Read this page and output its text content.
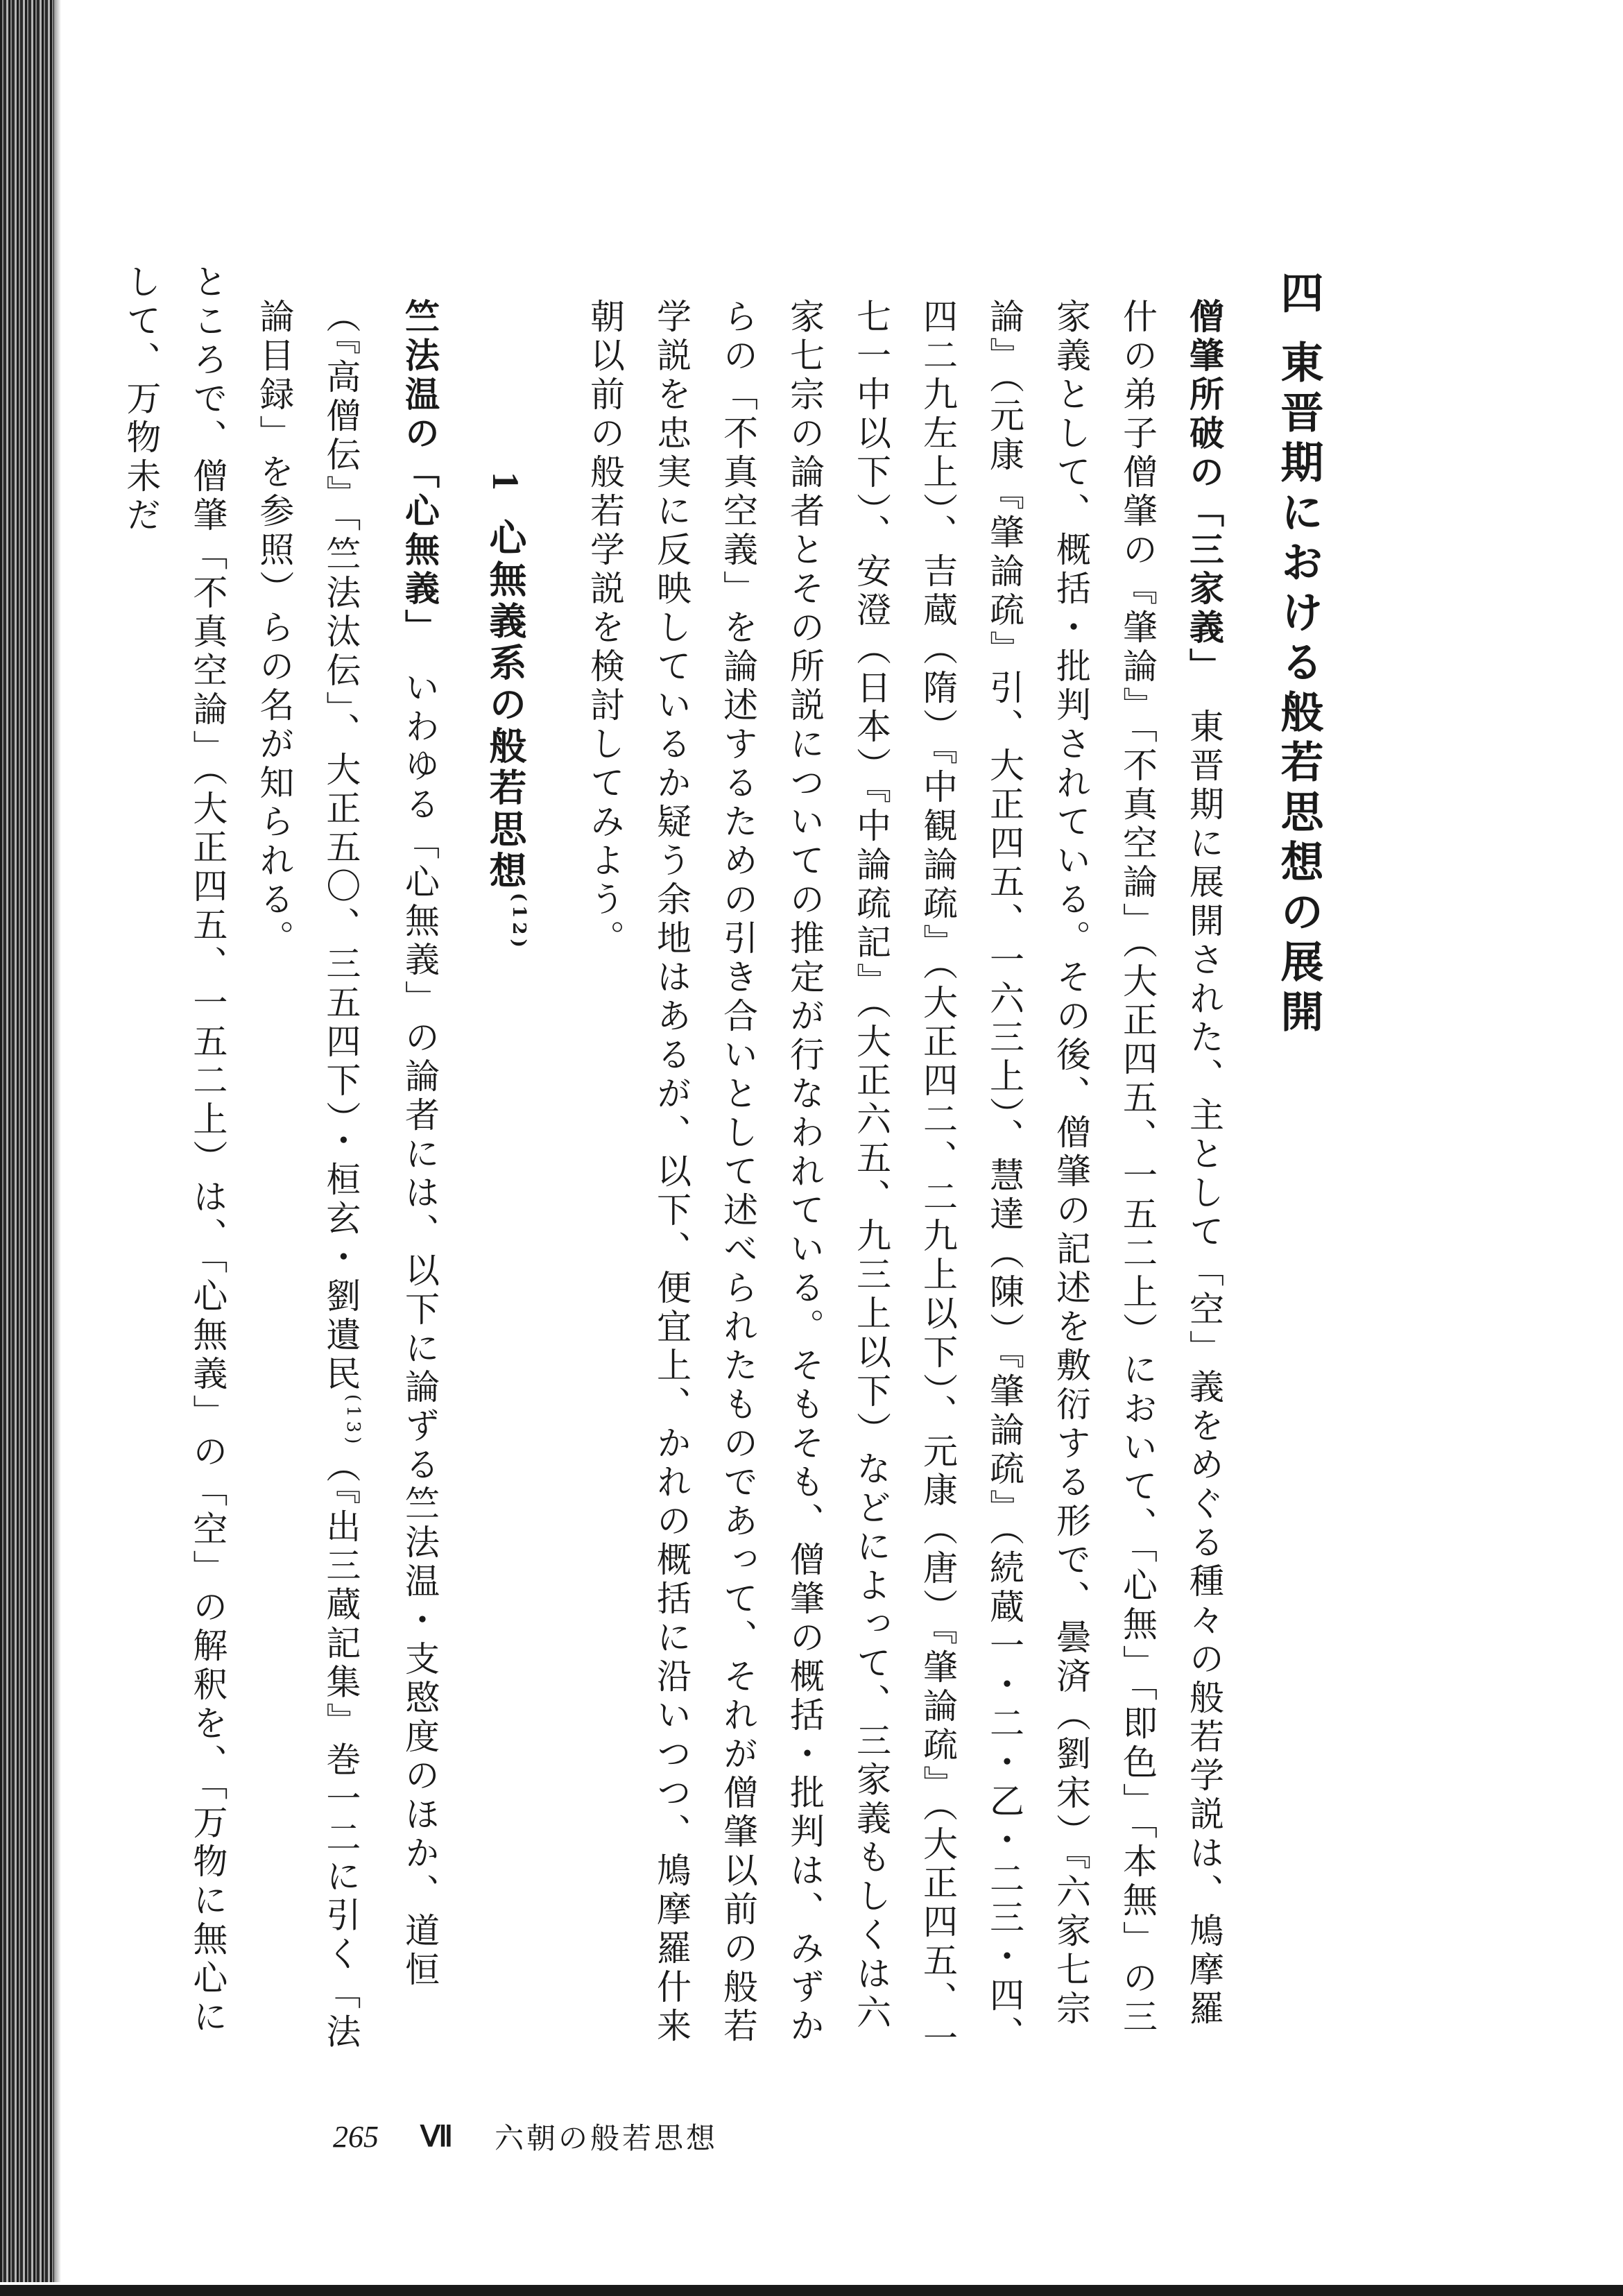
四東晋期における般若思想の展開

僧肇所破の「三家義」　東晋期に展開された、主として「空」義をめぐる種々の般若学説は、鳩摩羅什の弟子僧肇の『肇論』「不真空論」（大正四五、一五二上）において、「心無」「即色」「本無」の三家義として、概括・批判されている。その後、僧肇の記述を敷衍する形で、曇済（劉宋）『六家七宗論』（元康『肇論疏』引、大正四五、一六三上）、慧達（陳）『肇論疏』（続蔵一・二・乙・二三・四、四二九左上）、吉蔵（隋）『中観論疏』（大正四二、二九上以下）、元康（唐）『肇論疏』（大正四五、一七一中以下）、安澄（日本）『中論疏記』（大正六五、九三上以下）などによって、三家義もしくは六家七宗の論者とその所説についての推定が行なわれている。そもそも、僧肇の概括・批判は、みずからの「不真空義」を論述するための引き合いとして述べられたものであって、それが僧肇以前の般若学説を忠実に反映しているか疑う余地はあるが、以下、便宜上、かれの概括に沿いつつ、鳩摩羅什来朝以前の般若学説を検討してみよう。

1心無義系の般若思想$^{(12)}$

竺法温の「心無義」　いわゆる「心無義」の論者には、以下に論ずる竺法温・支愍度のほか、道恒（『高僧伝』「竺法汰伝」、大正五〇、三五四下）・桓玄・劉遺民$^{(13)}$（『出三蔵記集』巻一二に引く「法論目録」を参照）らの名が知られる。

ところで、僧肇「不真空論」（大正四五、一五二上）は、「心無義」の「空」の解釈を、「万物に無心にして、万物未だ

265 Ⅶ 六朝の般若思想
